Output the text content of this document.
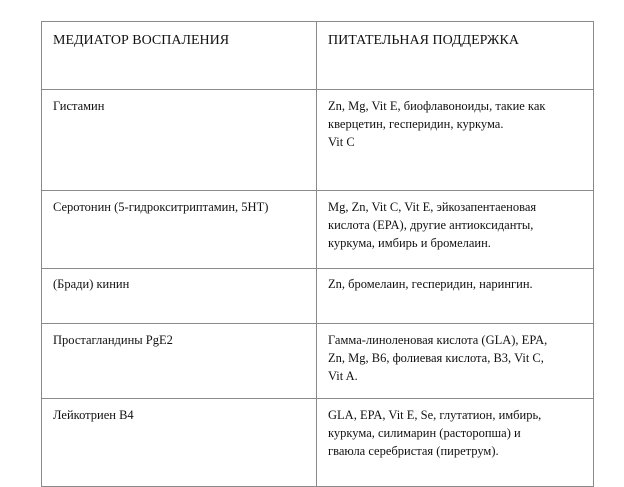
МЕДИАТОР ВОСПАЛЕНИЯ	ПИТАТЕЛЬНАЯ ПОДДЕРЖКА
Гистамин	Zn, Mg, Vit E, биофлавоноиды, такие как
кверцетин, гесперидин, куркума.
Vit C
Серотонин (5-гидрокситриптамин, 5HT)	Mg, Zn, Vit C, Vit E, эйкозапентаеновая
кислота (EPA), другие антиоксиданты,
куркума, имбирь и бромелаин.
(Бради) кинин	Zn, бромелаин, гесперидин, нарингин.
Простагландины PgE2	Гамма-линоленовая кислота (GLA), EPA,
Zn, Mg, B6, фолиевая кислота, B3, Vit C,
Vit A.
Лейкотриен B4	GLA, EPA, Vit E, Se, глутатион, имбирь,
куркума, силимарин (расторопша) и
гваюла серебристая (пиретрум).
